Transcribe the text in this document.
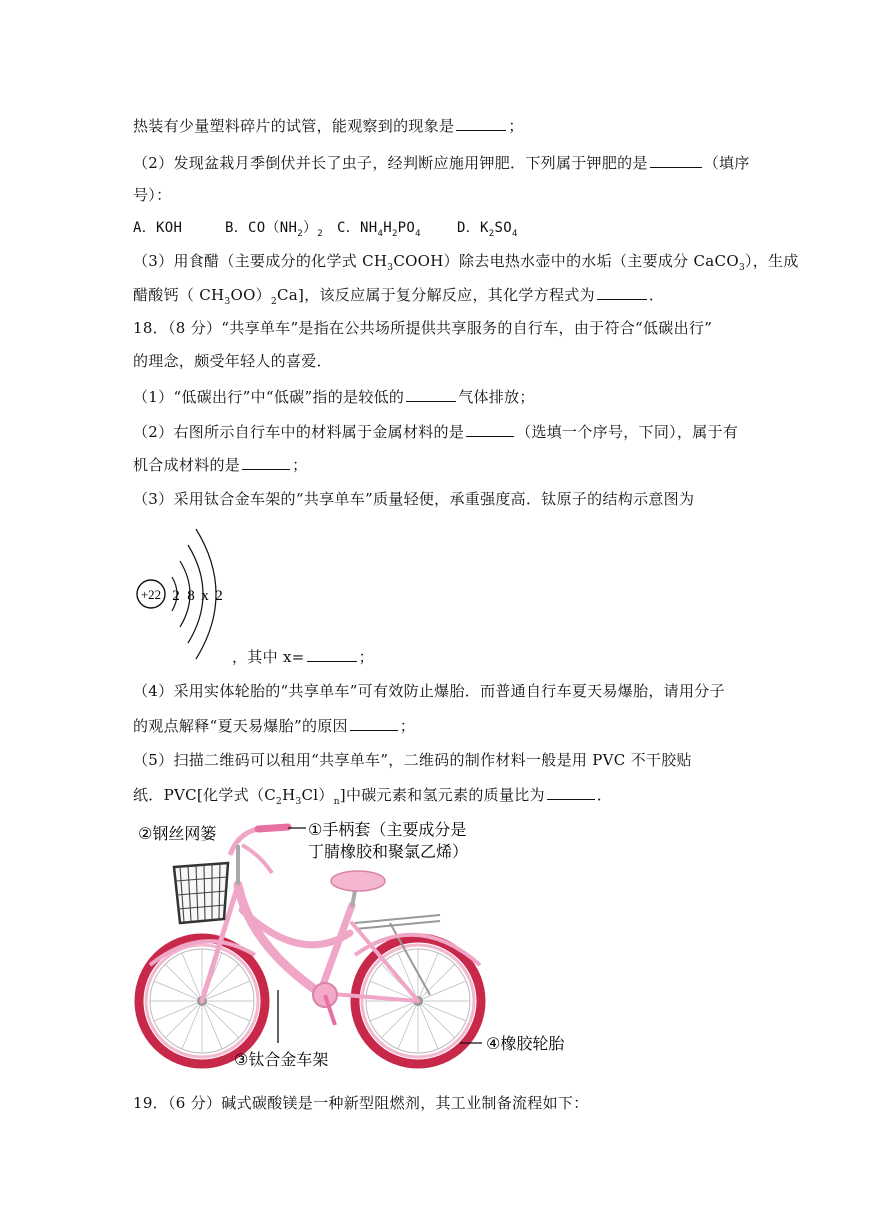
热装有少量塑料碎片的试管，能观察到的现象是	；
（2）发现盆栽月季倒伏并长了虫子，经判断应施用钾肥．下列属于钾肥的是	（填序
号）：
A．KOH	B．$CO(NH_2)_2$ C．$NH_4H_2PO_4$	D．$K_2SO_4$
（3）用食醋（主要成分的化学式 $CH_3COOH$）除去电热水壶中的水垢（主要成分 CaCO$_3$），生成
醋酸钙（ $CH_3OO)_2Ca$]，该反应属于复分解反应，其化学方程式为	．
18．（8 分）“共享单车”是指在公共场所提供共享服务的自行车，由于符合“低碳出行”
的理念，颇受年轻人的喜爱．
（1）“低碳出行”中“低碳”指的是较低的	气体排放；
（2）右图所示自行车中的材料属于金属材料的是	（选填一个序号，下同），属于有
机合成材料的是	；
（3）采用钛合金车架的“共享单车”质量轻便，承重强度高．钛原子的结构示意图为
+22 2 8 x 2
，其中 x=	；
（4）采用实体轮胎的“共享单车”可有效防止爆胎．而普通自行车夏天易爆胎，请用分子
的观点解释“夏天易爆胎”的原因	；
（5）扫描二维码可以租用“共享单车”，二维码的制作材料一般是用 PVC 不干胶贴
纸．PVC[化学式$(C_2H_3Cl)_n$]中碳元素和氢元素的质量比为	．
②钢丝网篓	①手柄套（主要成分是
丁腈橡胶和聚氯乙烯）
③钛合金车架
④橡胶轮胎
19．（6 分）碱式碳酸镁是一种新型阻燃剂，其工业制备流程如下：
